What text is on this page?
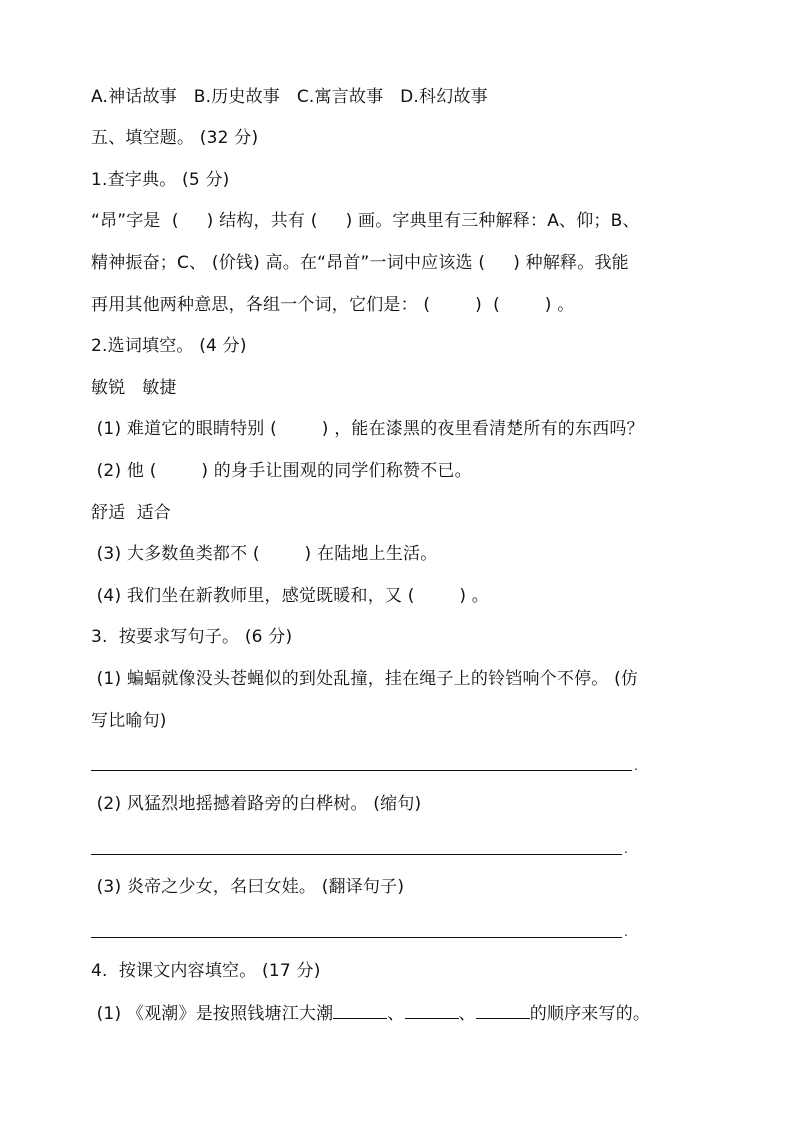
A.神话故事   B.历史故事   C.寓言故事   D.科幻故事
五、填空题。 (32 分)
1.查字典。 (5 分)
“昂”字是  (     ) 结构，共有 (     ) 画。字典里有三种解释：A、仰；B、
精神振奋；C、 (价钱) 高。在“昂首”一词中应该选 (     ) 种解释。我能
再用其他两种意思，各组一个词，它们是： (        )  (        ) 。
2.选词填空。 (4 分)
敏锐   敏捷
(1) 难道它的眼睛特别 (        ) ，能在漆黑的夜里看清楚所有的东西吗？
(2) 他 (        ) 的身手让围观的同学们称赞不已。
舒适  适合
(3) 大多数鱼类都不 (        ) 在陆地上生活。
(4) 我们坐在新教师里，感觉既暖和，又 (        ) 。
3.  按要求写句子。 (6 分)
(1) 蝙蝠就像没头苍蝇似的到处乱撞，挂在绳子上的铃铛响个不停。 (仿
写比喻句)
.
(2) 风猛烈地摇撼着路旁的白桦树。 (缩句)
.
(3) 炎帝之少女，名曰女娃。 (翻译句子)
.
4.  按课文内容填空。 (17 分)
(1) 《观潮》是按照钱塘江大潮	、	、	的顺序来写的。
